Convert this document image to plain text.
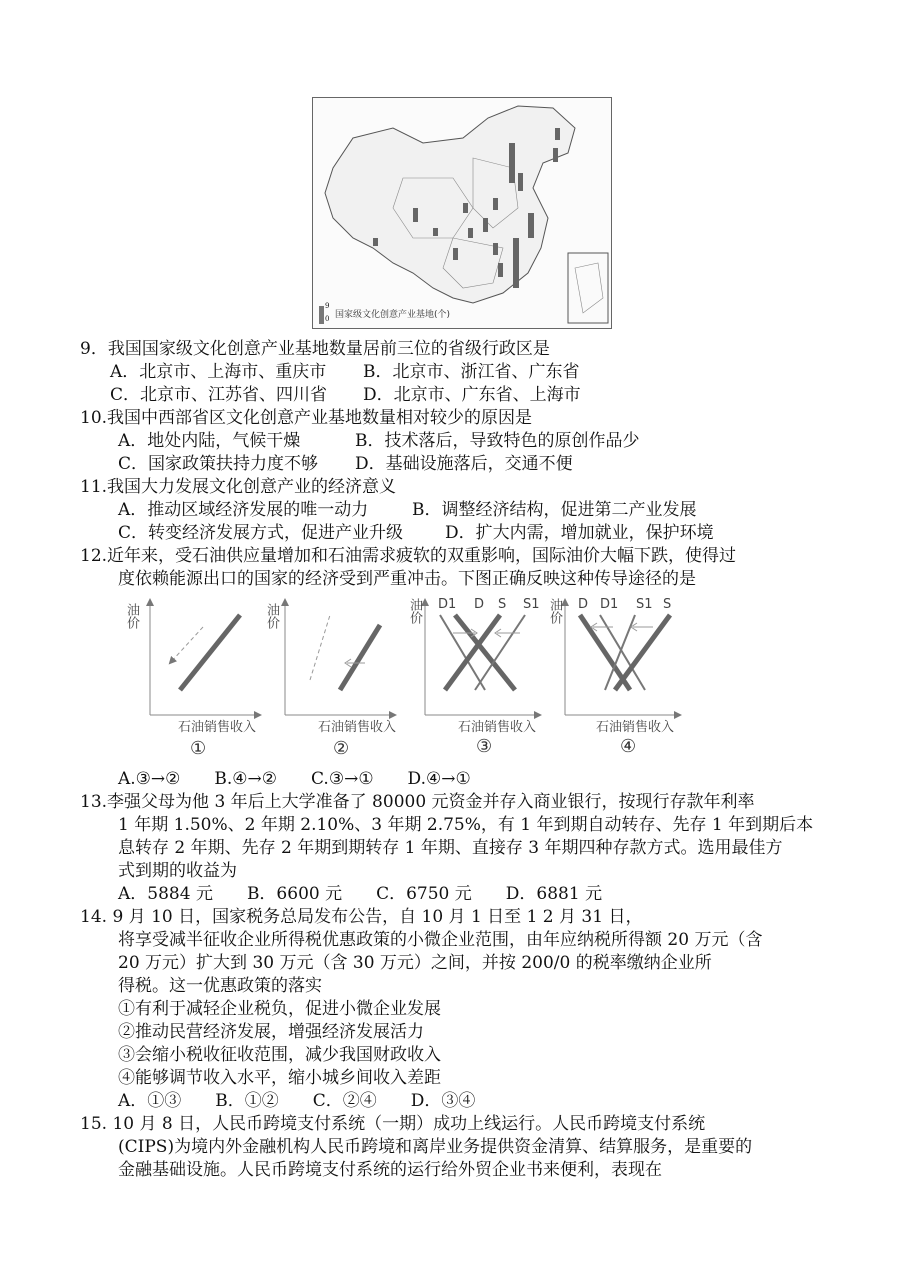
9
0 国家级文化创意产业基地(个)
9．我国国家级文化创意产业基地数量居前三位的省级行政区是
A．北京市、上海市、重庆市 B．北京市、浙江省、广东省
C．北京市、江苏省、四川省 D．北京市、广东省、上海市
10.我国中西部省区文化创意产业基地数量相对较少的原因是
A．地处内陆，气候干燥	B．技术落后，导致特色的原创作品少
C．国家政策扶持力度不够 D．基础设施落后，交通不便
11.我国大力发展文化创意产业的经济意义
A．推动区域经济发展的唯一动力	B．调整经济结构，促进第二产业发展
C．转变经济发展方式，促进产业升级 D．扩大内需，增加就业，保护环境
12.近年来，受石油供应量增加和石油需求疲软的双重影响，国际油价大幅下跌，使得过
度依赖能源出口的国家的经济受到严重冲击。下图正确反映这种传导途径的是
油价	油价	油价	油价
石油销售收入	石油销售收入	石油销售收入	石油销售收入
D1 D S S1	D D1 S1 S
①	②	③	④
A.③→②　　B.④→②　　C.③→①　　D.④→①
13.李强父母为他 3 年后上大学准备了 80000 元资金并存入商业银行，按现行存款年利率
1 年期 1.50%、2 年期 2.10%、3 年期 2.75%，有 1 年到期自动转存、先存 1 年到期后本
息转存 2 年期、先存 2 年期到期转存 1 年期、直接存 3 年期四种存款方式。选用最佳方
式到期的收益为
A．5884 元　　B．6600 元　　C．6750 元　　D．6881 元
14. 9 月 10 日，国家税务总局发布公告，自 10 月 1 日至 1 2 月 31 日，
将享受减半征收企业所得税优惠政策的小微企业范围，由年应纳税所得额 20 万元（含
20 万元）扩大到 30 万元（含 30 万元）之间，并按 200/0 的税率缴纳企业所
得税。这一优惠政策的落实
①有利于减轻企业税负，促进小微企业发展
②推动民营经济发展，增强经济发展活力
③会缩小税收征收范围，减少我国财政收入
④能够调节收入水平，缩小城乡间收入差距
A．①③　　B．①②　　C．②④　　D．③④
15. 10 月 8 日，人民币跨境支付系统（一期）成功上线运行。人民币跨境支付系统
(CIPS)为境内外金融机构人民币跨境和离岸业务提供资金清算、结算服务，是重要的
金融基础设施。人民币跨境支付系统的运行给外贸企业书来便利，表现在
